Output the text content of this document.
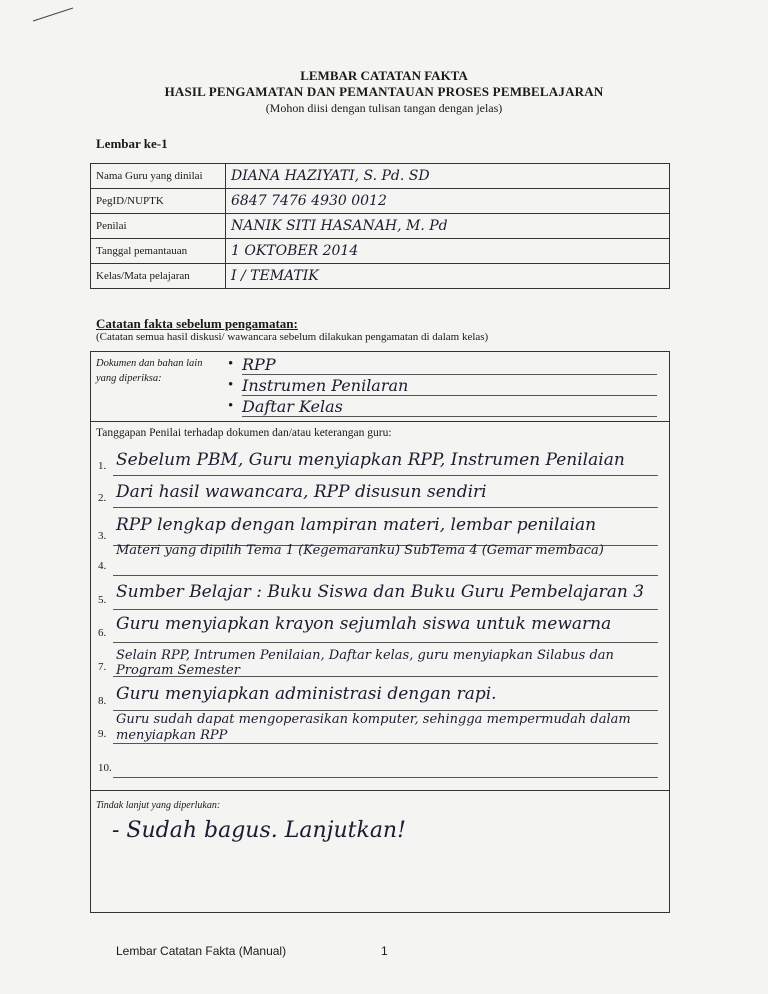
LEMBAR CATATAN FAKTA
HASIL PENGAMATAN DAN PEMANTAUAN PROSES PEMBELAJARAN
(Mohon diisi dengan tulisan tangan dengan jelas)
Lembar ke-1
Nama Guru yang dinilai	DIANA HAZIYATI, S. Pd. SD
PegID/NUPTK	6847 7476 4930 0012
Penilai	NANIK SITI HASANAH, M. Pd
Tanggal pemantauan	1 OKTOBER 2014
Kelas/Mata pelajaran	I / TEMATIK
Catatan fakta sebelum pengamatan:
(Catatan semua hasil diskusi/ wawancara sebelum dilakukan pengamatan di dalam kelas)
Dokumen dan bahan lain yang diperiksa:
• RPP
• Instrumen Penilaran
• Daftar Kelas
Tanggapan Penilai terhadap dokumen dan/atau keterangan guru:
1. Sebelum PBM, Guru menyiapkan RPP, Instrumen Penilaian
2. Dari hasil wawancara, RPP disusun sendiri
3.
RPP lengkap dengan lampiran materi, lembar penilaian
4.
Materi yang dipilih Tema 1 (Kegemaranku) SubTema 4 (Gemar membaca)
5. Sumber Belajar : Buku Siswa dan Buku Guru Pembelajaran 3
6. Guru menyiapkan krayon sejumlah siswa untuk mewarna
7.
Selain RPP, Intrumen Penilaian, Daftar kelas, guru menyiapkan Silabus dan Program Semester
8. Guru menyiapkan administrasi dengan rapi.
9.
Guru sudah dapat mengoperasikan komputer, sehingga mempermudah dalam menyiapkan RPP
10.
Tindak lanjut yang diperlukan:
- Sudah bagus. Lanjutkan!
Lembar Catatan Fakta (Manual)	1
